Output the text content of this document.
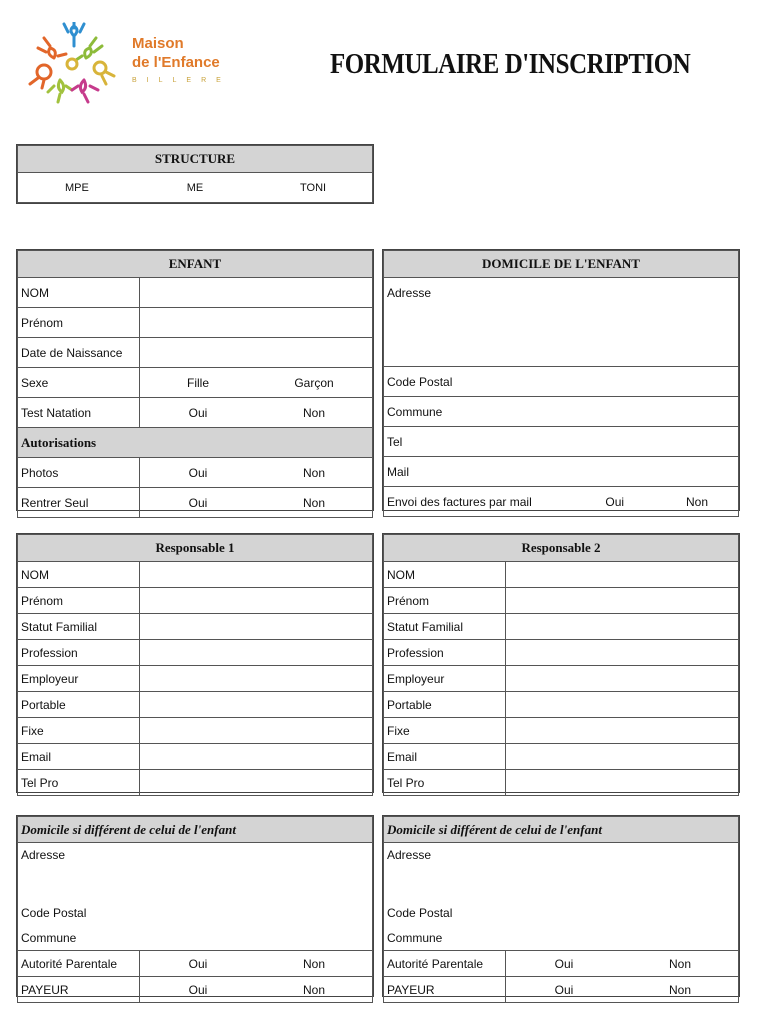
Maison
de l'Enfance
BILLERE
FORMULAIRE D'INSCRIPTION
STRUCTURE
MPE	ME	TONI
ENFANT		
NOM		
Prénom		
Date de Naissance		
Sexe	Fille	Garçon
Test Natation	Oui	Non
Autorisations		
Photos	Oui	Non
Rentrer Seul	Oui	Non
DOMICILE DE L'ENFANT
Adresse
Code Postal
Commune
Tel
Mail
Envoi des factures par mail	Oui	Non
Responsable 1	
NOM	
Prénom	
Statut Familial	
Profession	
Employeur	
Portable	
Fixe	
Email	
Tel Pro	
Responsable 2	
NOM	
Prénom	
Statut Familial	
Profession	
Employeur	
Portable	
Fixe	
Email	
Tel Pro	
Domicile si différent de celui de l'enfant		
Adresse		
Code Postal		
Commune		
Autorité Parentale	Oui	Non
PAYEUR	Oui	Non
Domicile si différent de celui de l'enfant		
Adresse		
Code Postal		
Commune		
Autorité Parentale	Oui	Non
PAYEUR	Oui	Non
